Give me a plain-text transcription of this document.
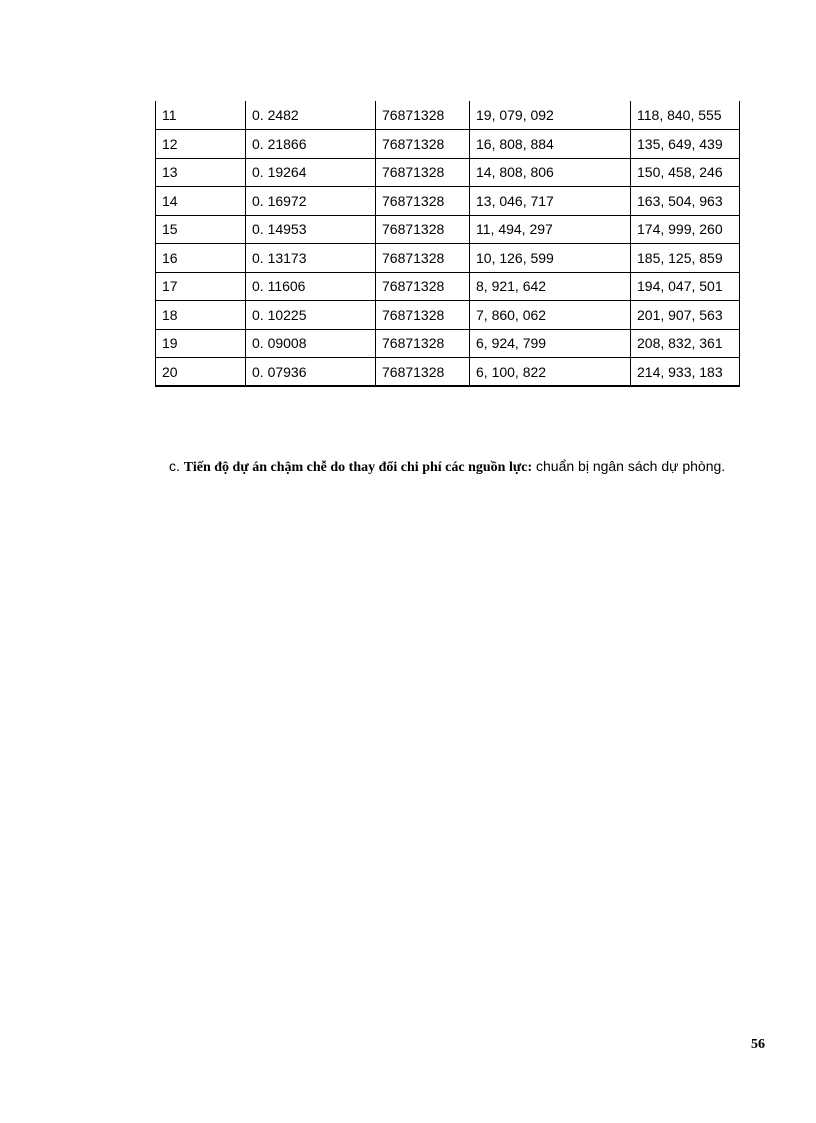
11	0. 2482	76871328	19, 079, 092	118, 840, 555
12	0. 21866	76871328	16, 808, 884	135, 649, 439
13	0. 19264	76871328	14, 808, 806	150, 458, 246
14	0. 16972	76871328	13, 046, 717	163, 504, 963
15	0. 14953	76871328	11, 494, 297	174, 999, 260
16	0. 13173	76871328	10, 126, 599	185, 125, 859
17	0. 11606	76871328	8, 921, 642	194, 047, 501
18	0. 10225	76871328	7, 860, 062	201, 907, 563
19	0. 09008	76871328	6, 924, 799	208, 832, 361
20	0. 07936	76871328	6, 100, 822	214, 933, 183

c. Tiến độ dự án chậm chễ do thay đổi chi phí các nguồn lực: chuẩn bị ngân sách dự phòng.

56
